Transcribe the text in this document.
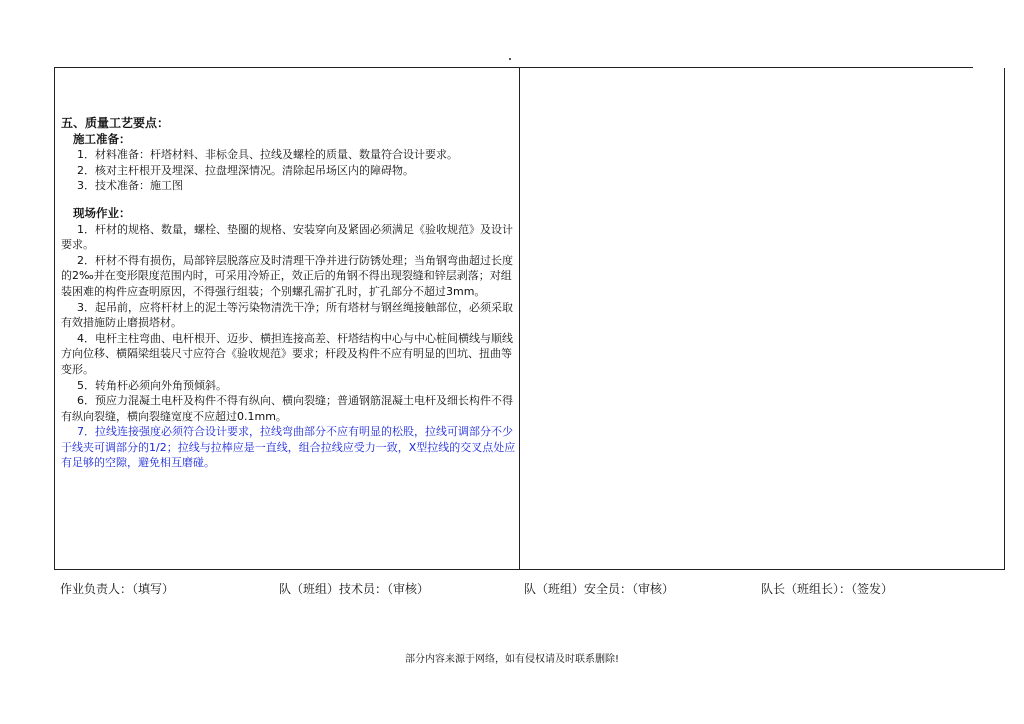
五、质量工艺要点：

施工准备：

1．材料准备：杆塔材料、非标金具、拉线及螺栓的质量、数量符合设计要求。

2．核对主杆根开及埋深、拉盘埋深情况。清除起吊场区内的障碍物。

3．技术准备：施工图

现场作业：

1．杆材的规格、数量，螺栓、垫圈的规格、安装穿向及紧固必须满足《验收规范》及设计要求。

2．杆材不得有损伤，局部锌层脱落应及时清理干净并进行防锈处理；当角钢弯曲超过长度的2‰并在变形限度范围内时，可采用冷矫正，效正后的角钢不得出现裂缝和锌层剥落；对组装困难的构件应查明原因，不得强行组装；个别螺孔需扩孔时，扩孔部分不超过3mm。

3．起吊前，应将杆材上的泥土等污染物清洗干净；所有塔材与钢丝绳接触部位，必须采取有效措施防止磨损塔材。

4．电杆主柱弯曲、电杆根开、迈步、横担连接高差、杆塔结构中心与中心桩间横线与顺线方向位移、横隔梁组装尺寸应符合《验收规范》要求；杆段及构件不应有明显的凹坑、扭曲等变形。

5．转角杆必须向外角预倾斜。

6．预应力混凝土电杆及构件不得有纵向、横向裂缝；普通钢筋混凝土电杆及细长构件不得有纵向裂缝，横向裂缝宽度不应超过0.1mm。

7．拉线连接强度必须符合设计要求，拉线弯曲部分不应有明显的松股，拉线可调部分不少于线夹可调部分的1/2；拉线与拉棒应是一直线，组合拉线应受力一致，X型拉线的交叉点处应有足够的空隙，避免相互磨碰。

作业负责人：（填写）	队（班组）技术员：（审核）	队（班组）安全员：（审核）	队长（班组长）：（签发）
部分内容来源于网络，如有侵权请及时联系删除!
